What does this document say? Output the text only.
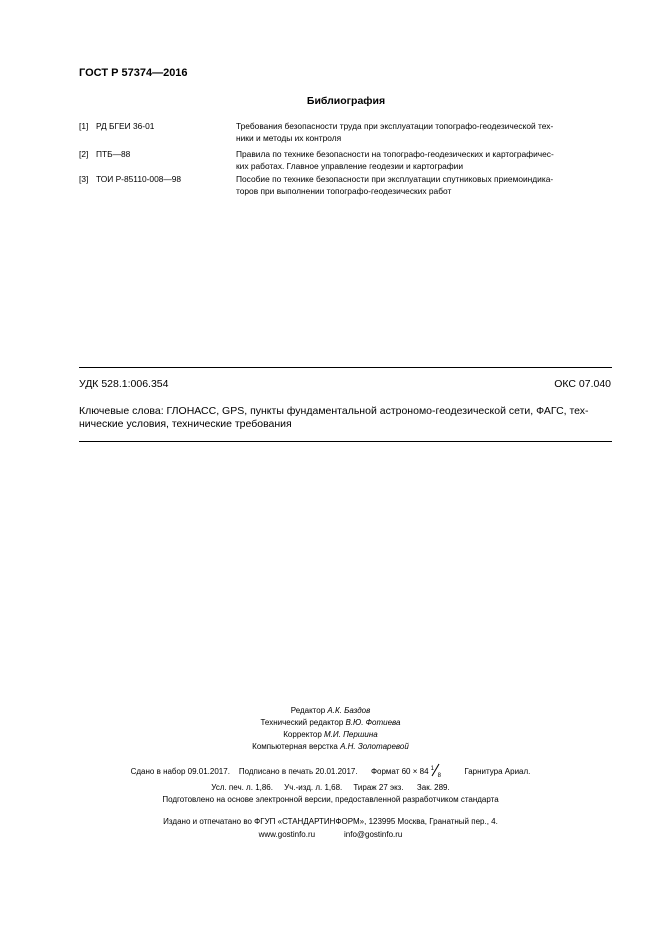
ГОСТ Р 57374—2016
Библиография
[1] РД БГЕИ 36-01	Требования безопасности труда при эксплуатации топографо-геодезической тех-
ники и методы их контроля
[2] ПТБ—88	Правила по технике безопасности на топографо-геодезических и картографичес-
ких работах. Главное управление геодезии и картографии
[3] ТОИ Р-85110-008—98	Пособие по технике безопасности при эксплуатации спутниковых приемоиндика-
торов при выполнении топографо-геодезических работ
УДК 528.1:006.354	ОКС 07.040
Ключевые слова: ГЛОНАСС, GPS, пункты фундаментальной астрономо-геодезической сети, ФАГС, тех-
нические условия, технические требования
Редактор А.К. Баздов
Технический редактор В.Ю. Фотиева
Корректор М.И. Першина
Компьютерная верстка А.Н. Золотаревой
Сдано в набор 09.01.2017. Подписано в печать 20.01.2017. Формат 60 × 84 1
8	Гарнитура Ариал.
Усл. печ. л. 1,86. Уч.-изд. л. 1,68. Тираж 27 экз. Зак. 289.
Подготовлено на основе электронной версии, предоставленной разработчиком стандарта
Издано и отпечатано во ФГУП «СТАНДАРТИНФОРМ», 123995 Москва, Гранатный пер., 4.
www.gostinfo.ru	info@gostinfo.ru
